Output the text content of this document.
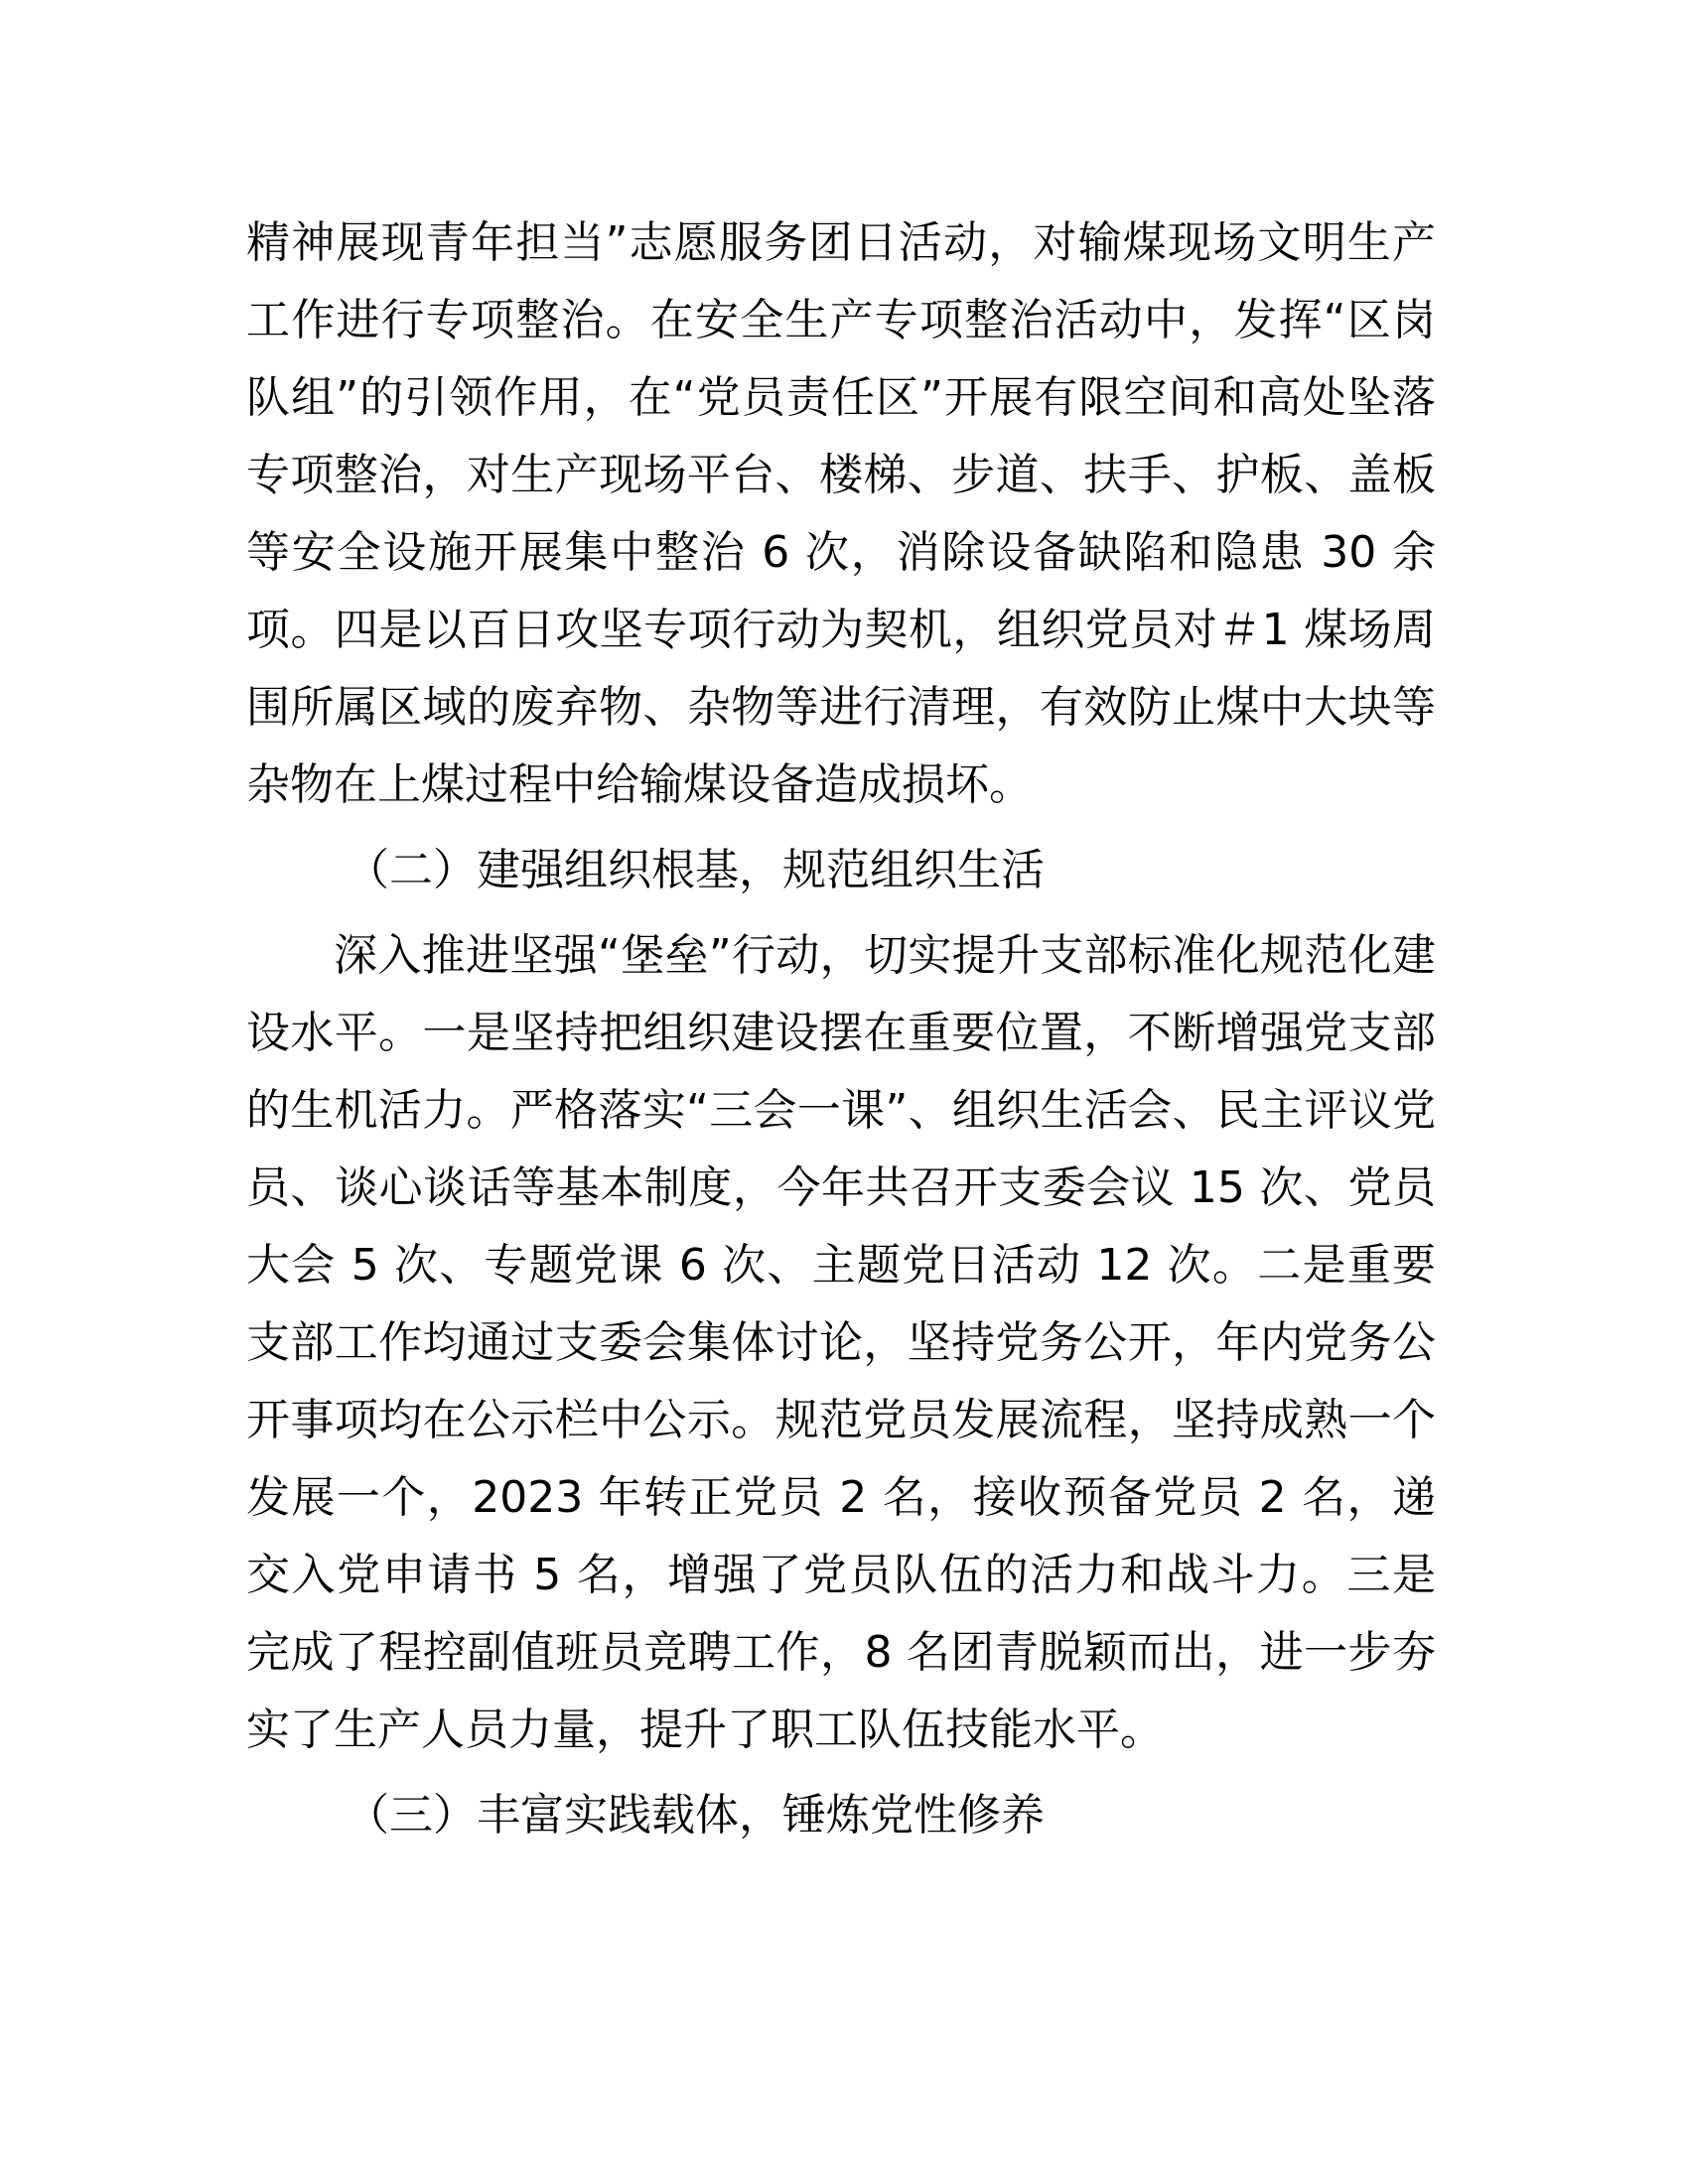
精神展现青年担当”志愿服务团日活动，对输煤现场文明生产工作进行专项整治。在安全生产专项整治活动中，发挥“区岗队组”的引领作用，在“党员责任区”开展有限空间和高处坠落专项整治，对生产现场平台、楼梯、步道、扶手、护板、盖板等安全设施开展集中整治 6 次，消除设备缺陷和隐患 30 余项。四是以百日攻坚专项行动为契机，组织党员对＃1 煤场周围所属区域的废弃物、杂物等进行清理，有效防止煤中大块等杂物在上煤过程中给输煤设备造成损坏。

（二）建强组织根基，规范组织生活

深入推进坚强“堡垒”行动，切实提升支部标准化规范化建设水平。一是坚持把组织建设摆在重要位置，不断增强党支部的生机活力。严格落实“三会一课”、组织生活会、民主评议党员、谈心谈话等基本制度，今年共召开支委会议 15 次、党员大会 5 次、专题党课 6 次、主题党日活动 12 次。二是重要支部工作均通过支委会集体讨论，坚持党务公开，年内党务公开事项均在公示栏中公示。规范党员发展流程，坚持成熟一个发展一个，2023 年转正党员 2 名，接收预备党员 2 名，递交入党申请书 5 名，增强了党员队伍的活力和战斗力。三是完成了程控副值班员竞聘工作，8 名团青脱颖而出，进一步夯实了生产人员力量，提升了职工队伍技能水平。

（三）丰富实践载体，锤炼党性修养
